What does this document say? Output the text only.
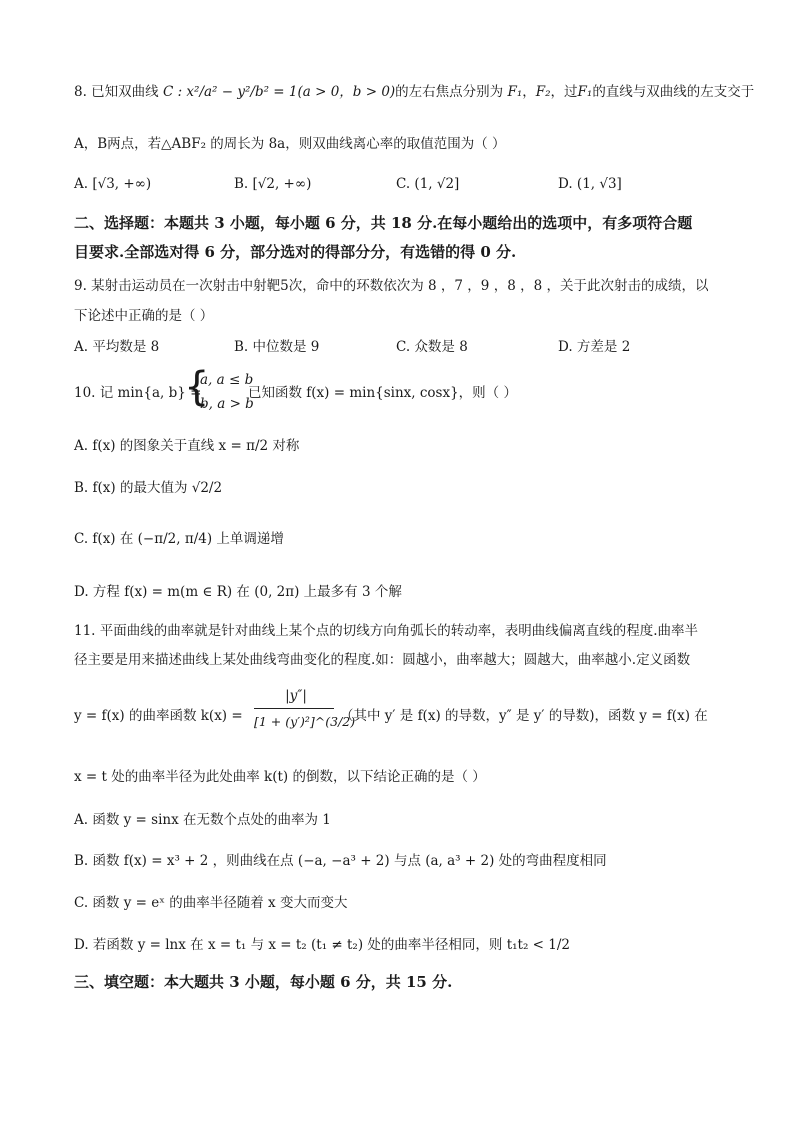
8. 已知双曲线 C : x²/a² − y²/b² = 1(a > 0，b > 0)的左右焦点分别为 F₁，F₂，过F₁的直线与双曲线的左支交于
A，B两点，若△ABF₂ 的周长为 8a，则双曲线离心率的取值范围为（ ）
A. [√3, +∞)	B. [√2, +∞)	C. (1, √2]	D. (1, √3]
二、选择题：本题共 3 小题，每小题 6 分，共 18 分.在每小题给出的选项中，有多项符合题
目要求.全部选对得 6 分，部分选对的得部分分，有选错的得 0 分.
9. 某射击运动员在一次射击中射靶5次，命中的环数依次为 8 ，7 ，9 ，8 ，8 ，关于此次射击的成绩，以
下论述中正确的是（ ）
A. 平均数是 8	B. 中位数是 9	C. 众数是 8	D. 方差是 2
10. 记 min{a, b} =
{
a, a ≤ b
b, a > b
已知函数 f(x) = min{sinx, cosx}，则（ ）
A. f(x) 的图象关于直线 x = π/2 对称
B. f(x) 的最大值为 √2/2
C. f(x) 在 (−π/2, π/4) 上单调递增
D. 方程 f(x) = m(m ∈ R) 在 (0, 2π) 上最多有 3 个解
11. 平面曲线的曲率就是针对曲线上某个点的切线方向角弧长的转动率，表明曲线偏离直线的程度.曲率半
径主要是用来描述曲线上某处曲线弯曲变化的程度.如：圆越小，曲率越大；圆越大，曲率越小.定义函数
y = f(x) 的曲率函数 k(x) =
|y″|
[1 + (y′)²]^(3/2)
（其中 y′ 是 f(x) 的导数，y″ 是 y′ 的导数)，函数 y = f(x) 在
x = t 处的曲率半径为此处曲率 k(t) 的倒数，以下结论正确的是（ ）
A. 函数 y = sinx 在无数个点处的曲率为 1
B. 函数 f(x) = x³ + 2 ，则曲线在点 (−a, −a³ + 2) 与点 (a, a³ + 2) 处的弯曲程度相同
C. 函数 y = eˣ 的曲率半径随着 x 变大而变大
D. 若函数 y = lnx 在 x = t₁ 与 x = t₂ (t₁ ≠ t₂) 处的曲率半径相同，则 t₁t₂ < 1/2
三、填空题：本大题共 3 小题，每小题 6 分，共 15 分.
